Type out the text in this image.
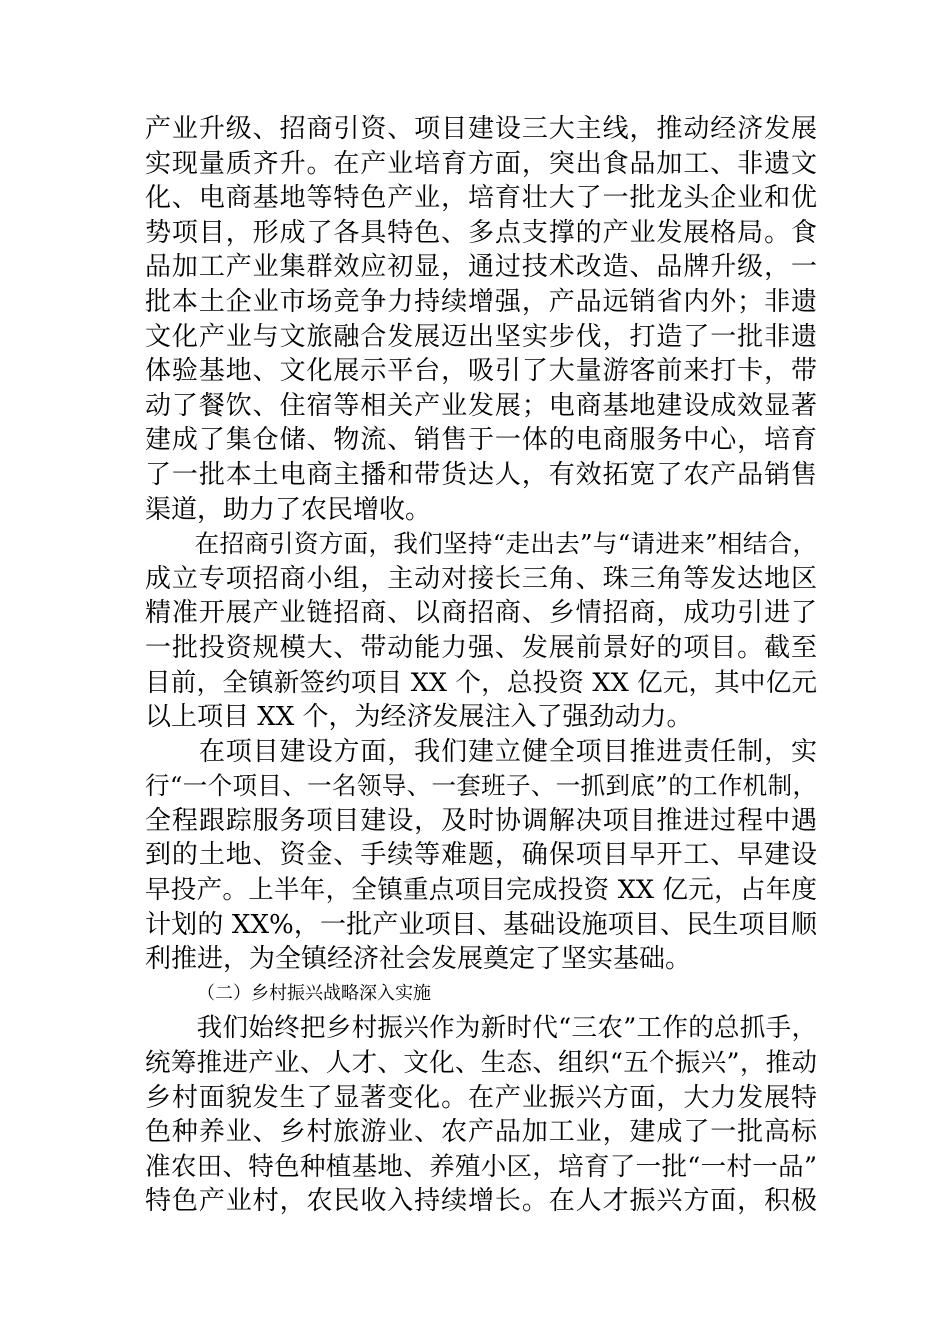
产业升级、招商引资、项目建设三大主线，推动经济发展
实现量质齐升。在产业培育方面，突出食品加工、非遗文
化、电商基地等特色产业，培育壮大了一批龙头企业和优
势项目，形成了各具特色、多点支撑的产业发展格局。食
品加工产业集群效应初显，通过技术改造、品牌升级，一
批本土企业市场竞争力持续增强，产品远销省内外；非遗
文化产业与文旅融合发展迈出坚实步伐，打造了一批非遗
体验基地、文化展示平台，吸引了大量游客前来打卡，带
动了餐饮、住宿等相关产业发展；电商基地建设成效显著
建成了集仓储、物流、销售于一体的电商服务中心，培育
了一批本土电商主播和带货达人，有效拓宽了农产品销售
渠道，助力了农民增收。
　　在招商引资方面，我们坚持“走出去”与“请进来”相结合，
成立专项招商小组，主动对接长三角、珠三角等发达地区
精准开展产业链招商、以商招商、乡情招商，成功引进了
一批投资规模大、带动能力强、发展前景好的项目。截至
目前，全镇新签约项目 XX 个，总投资 XX 亿元，其中亿元
以上项目 XX 个，为经济发展注入了强劲动力。
　　在项目建设方面，我们建立健全项目推进责任制，实
行“一个项目、一名领导、一套班子、一抓到底”的工作机制，
全程跟踪服务项目建设，及时协调解决项目推进过程中遇
到的土地、资金、手续等难题，确保项目早开工、早建设
早投产。上半年，全镇重点项目完成投资 XX 亿元，占年度
计划的 XX%，一批产业项目、基础设施项目、民生项目顺
利推进，为全镇经济社会发展奠定了坚实基础。
（二）乡村振兴战略深入实施
　　我们始终把乡村振兴作为新时代“三农”工作的总抓手，
统筹推进产业、人才、文化、生态、组织“五个振兴”，推动
乡村面貌发生了显著变化。在产业振兴方面，大力发展特
色种养业、乡村旅游业、农产品加工业，建成了一批高标
准农田、特色种植基地、养殖小区，培育了一批“一村一品”
特色产业村，农民收入持续增长。在人才振兴方面，积极
